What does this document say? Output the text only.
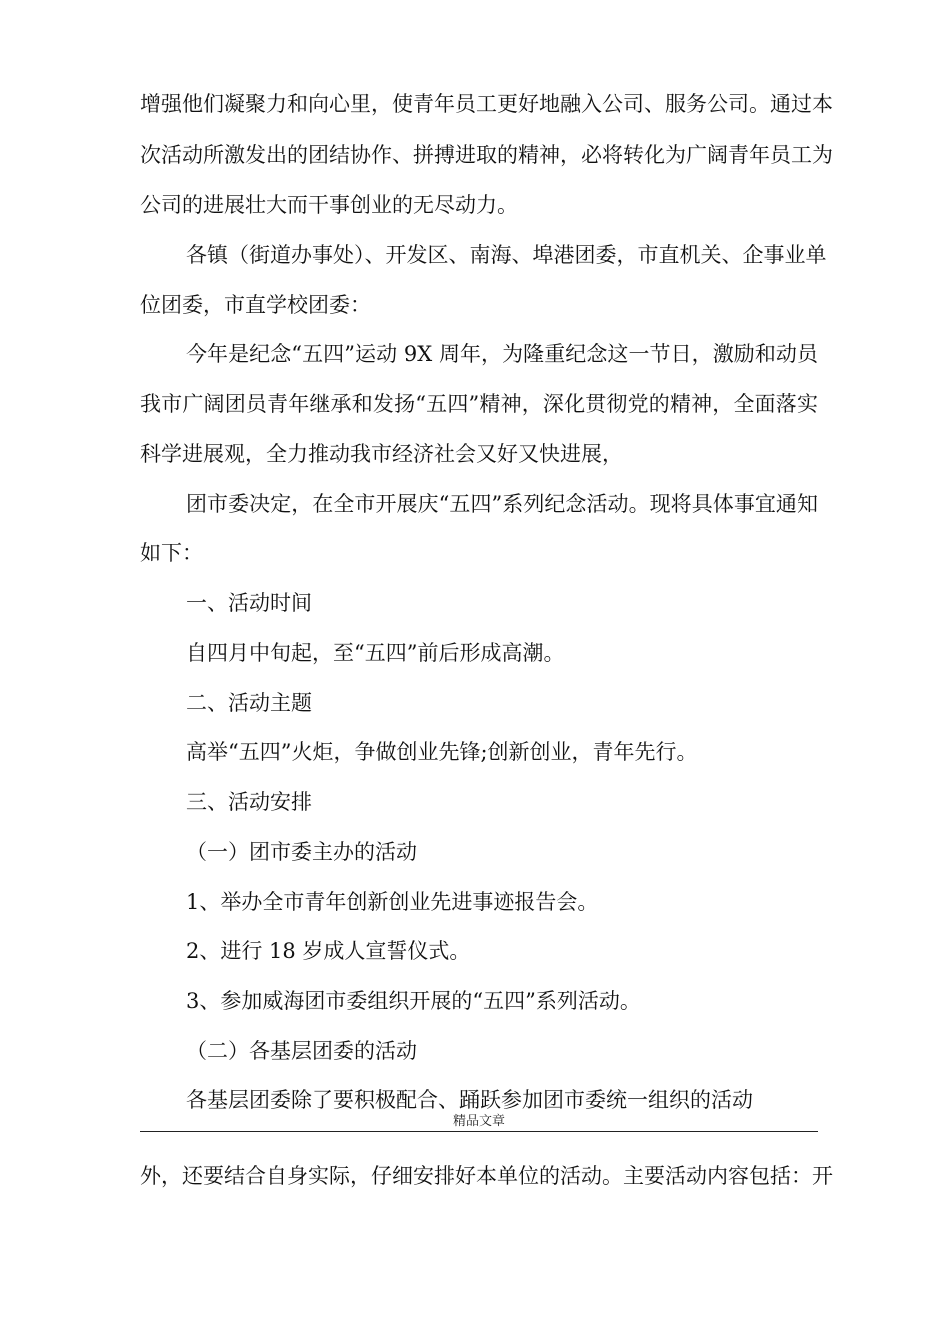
增强他们凝聚力和向心里，使青年员工更好地融入公司、服务公司。通过本
次活动所激发出的团结协作、拼搏进取的精神，必将转化为广阔青年员工为
公司的进展壮大而干事创业的无尽动力。
各镇（街道办事处）、开发区、南海、埠港团委，市直机关、企事业单
位团委，市直学校团委：
今年是纪念“五四”运动 9X 周年，为隆重纪念这一节日，激励和动员
我市广阔团员青年继承和发扬“五四”精神，深化贯彻党的精神，全面落实
科学进展观，全力推动我市经济社会又好又快进展，
团市委决定，在全市开展庆“五四”系列纪念活动。现将具体事宜通知
如下：
一、活动时间
自四月中旬起，至“五四”前后形成高潮。
二、活动主题
高举“五四”火炬，争做创业先锋;创新创业，青年先行。
三、活动安排
（一）团市委主办的活动
1、举办全市青年创新创业先进事迹报告会。
2、进行 18 岁成人宣誓仪式。
3、参加威海团市委组织开展的“五四”系列活动。
（二）各基层团委的活动
各基层团委除了要积极配合、踊跃参加团市委统一组织的活动
精品文章
外，还要结合自身实际，仔细安排好本单位的活动。主要活动内容包括：开
